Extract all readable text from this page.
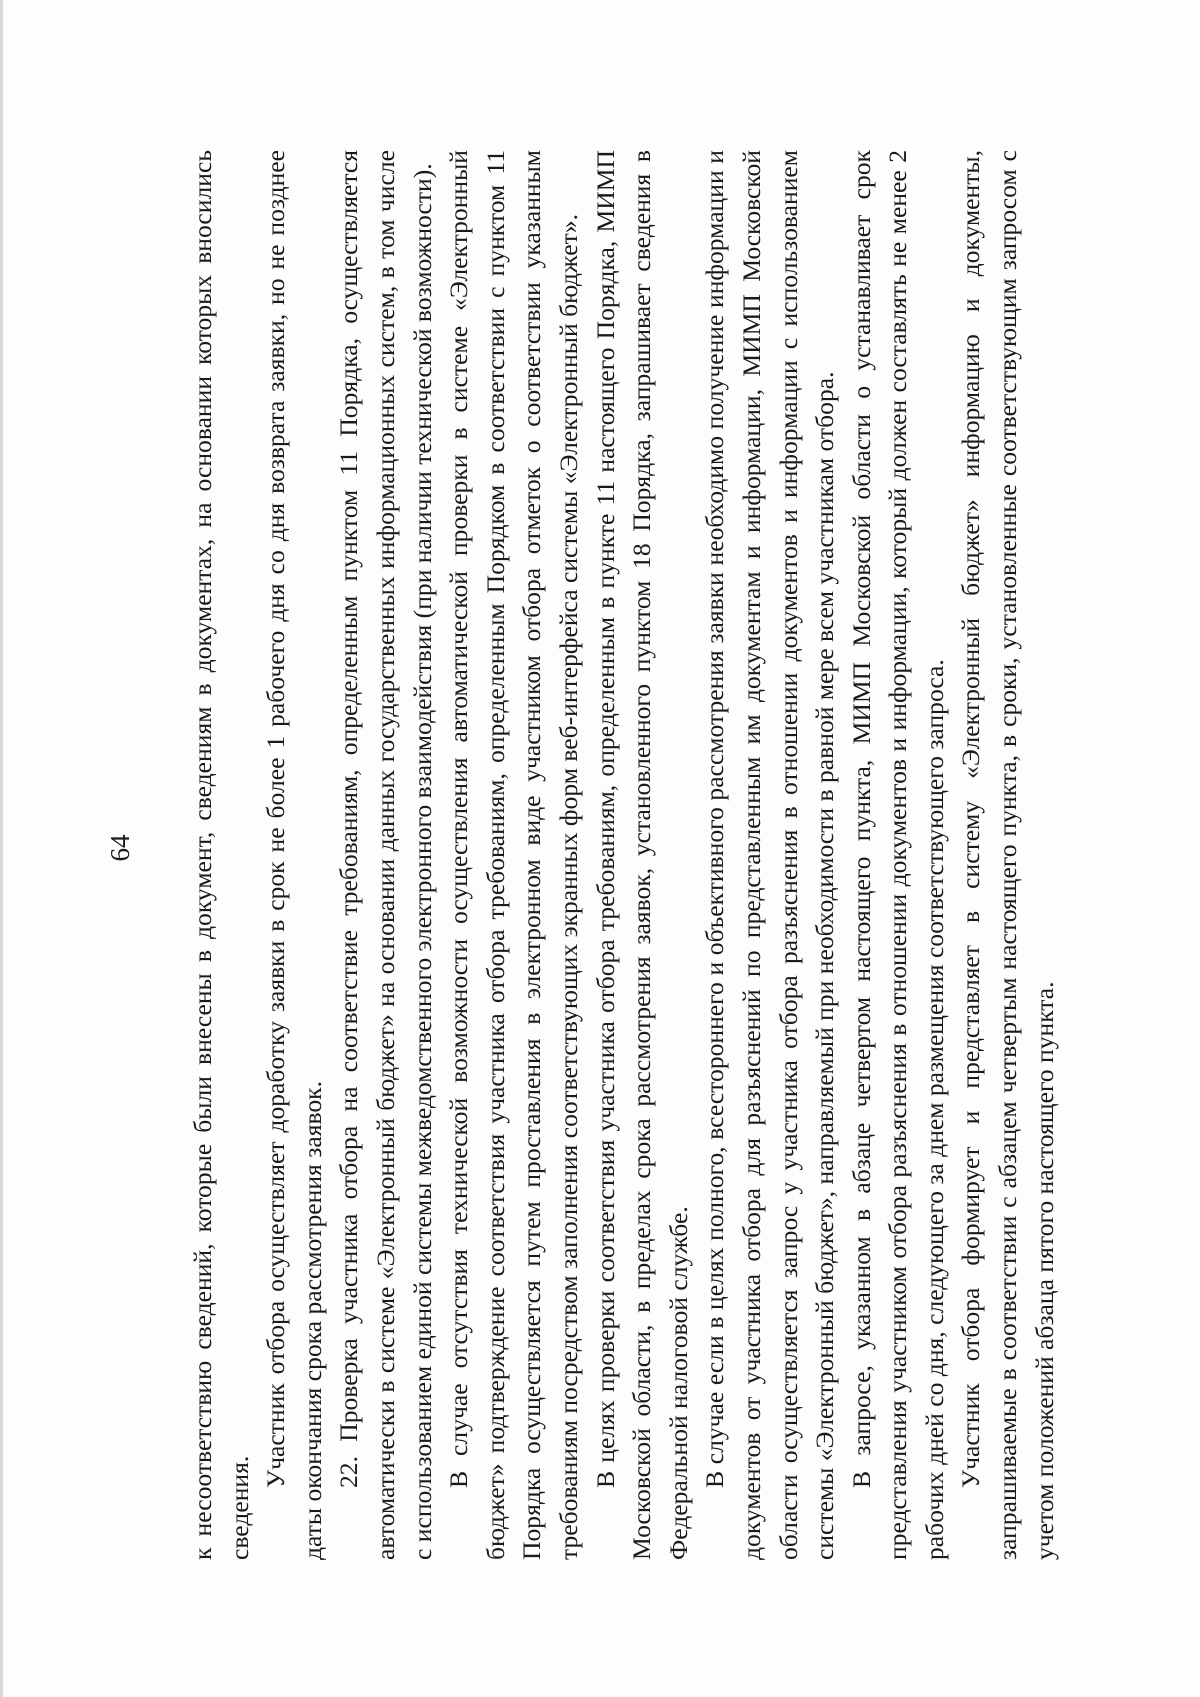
64 к несоответствию сведений, которые были внесены в документ, сведениям в документах, на основании которых вносились сведения.

Участник отбора осуществляет доработку заявки в срок не более 1 рабочего дня со дня возврата заявки, но не позднее даты окончания срока рассмотрения заявок. 22. Проверка участника отбора на соответствие требованиям, определенным пунктом 11 Порядка, осуществляется автоматически в системе «Электронный бюджет» на основании данных государственных информационных систем, в том числе с использованием единой системы межведомственного электронного взаимодействия (при наличии технической возможности). В случае отсутствия технической возможности осуществления автоматической проверки в системе «Электронный бюджет» подтверждение соответствия участника отбора требованиям, определенным Порядком в соответствии с пунктом 11 Порядка осуществляется путем проставления в электронном виде участником отбора отметок о соответствии указанным требованиям посредством заполнения соответствующих экранных форм веб-интерфейса системы «Электронный бюджет». В целях проверки соответствия участника отбора требованиям, определенным в пункте 11 настоящего Порядка, МИМП Московской области, в пределах срока рассмотрения заявок, установленного пунктом 18 Порядка, запрашивает сведения в Федеральной налоговой службе. В случае если в целях полного, всестороннего и объективного рассмотрения заявки необходимо получение информации и документов от участника отбора для разъяснений по представленным им документам и информации, МИМП Московской области осуществляется запрос у участника отбора разъяснения в отношении документов и информации с использованием системы «Электронный бюджет», направляемый при необходимости в равной мере всем участникам отбора. В запросе, указанном в абзаце четвертом настоящего пункта, МИМП Московской области о устанавливает срок представления участником отбора разъяснения в отношении документов и информации, который должен составлять не менее 2 рабочих дней со дня, следующего за днем размещения соответствующего запроса. Участник отбора формирует и представляет в систему «Электронный бюджет» информацию и документы, запрашиваемые в соответствии с абзацем четвертым настоящего пункта, в сроки, установленные соответствующим запросом с учетом положений абзаца пятого настоящего пункта.
